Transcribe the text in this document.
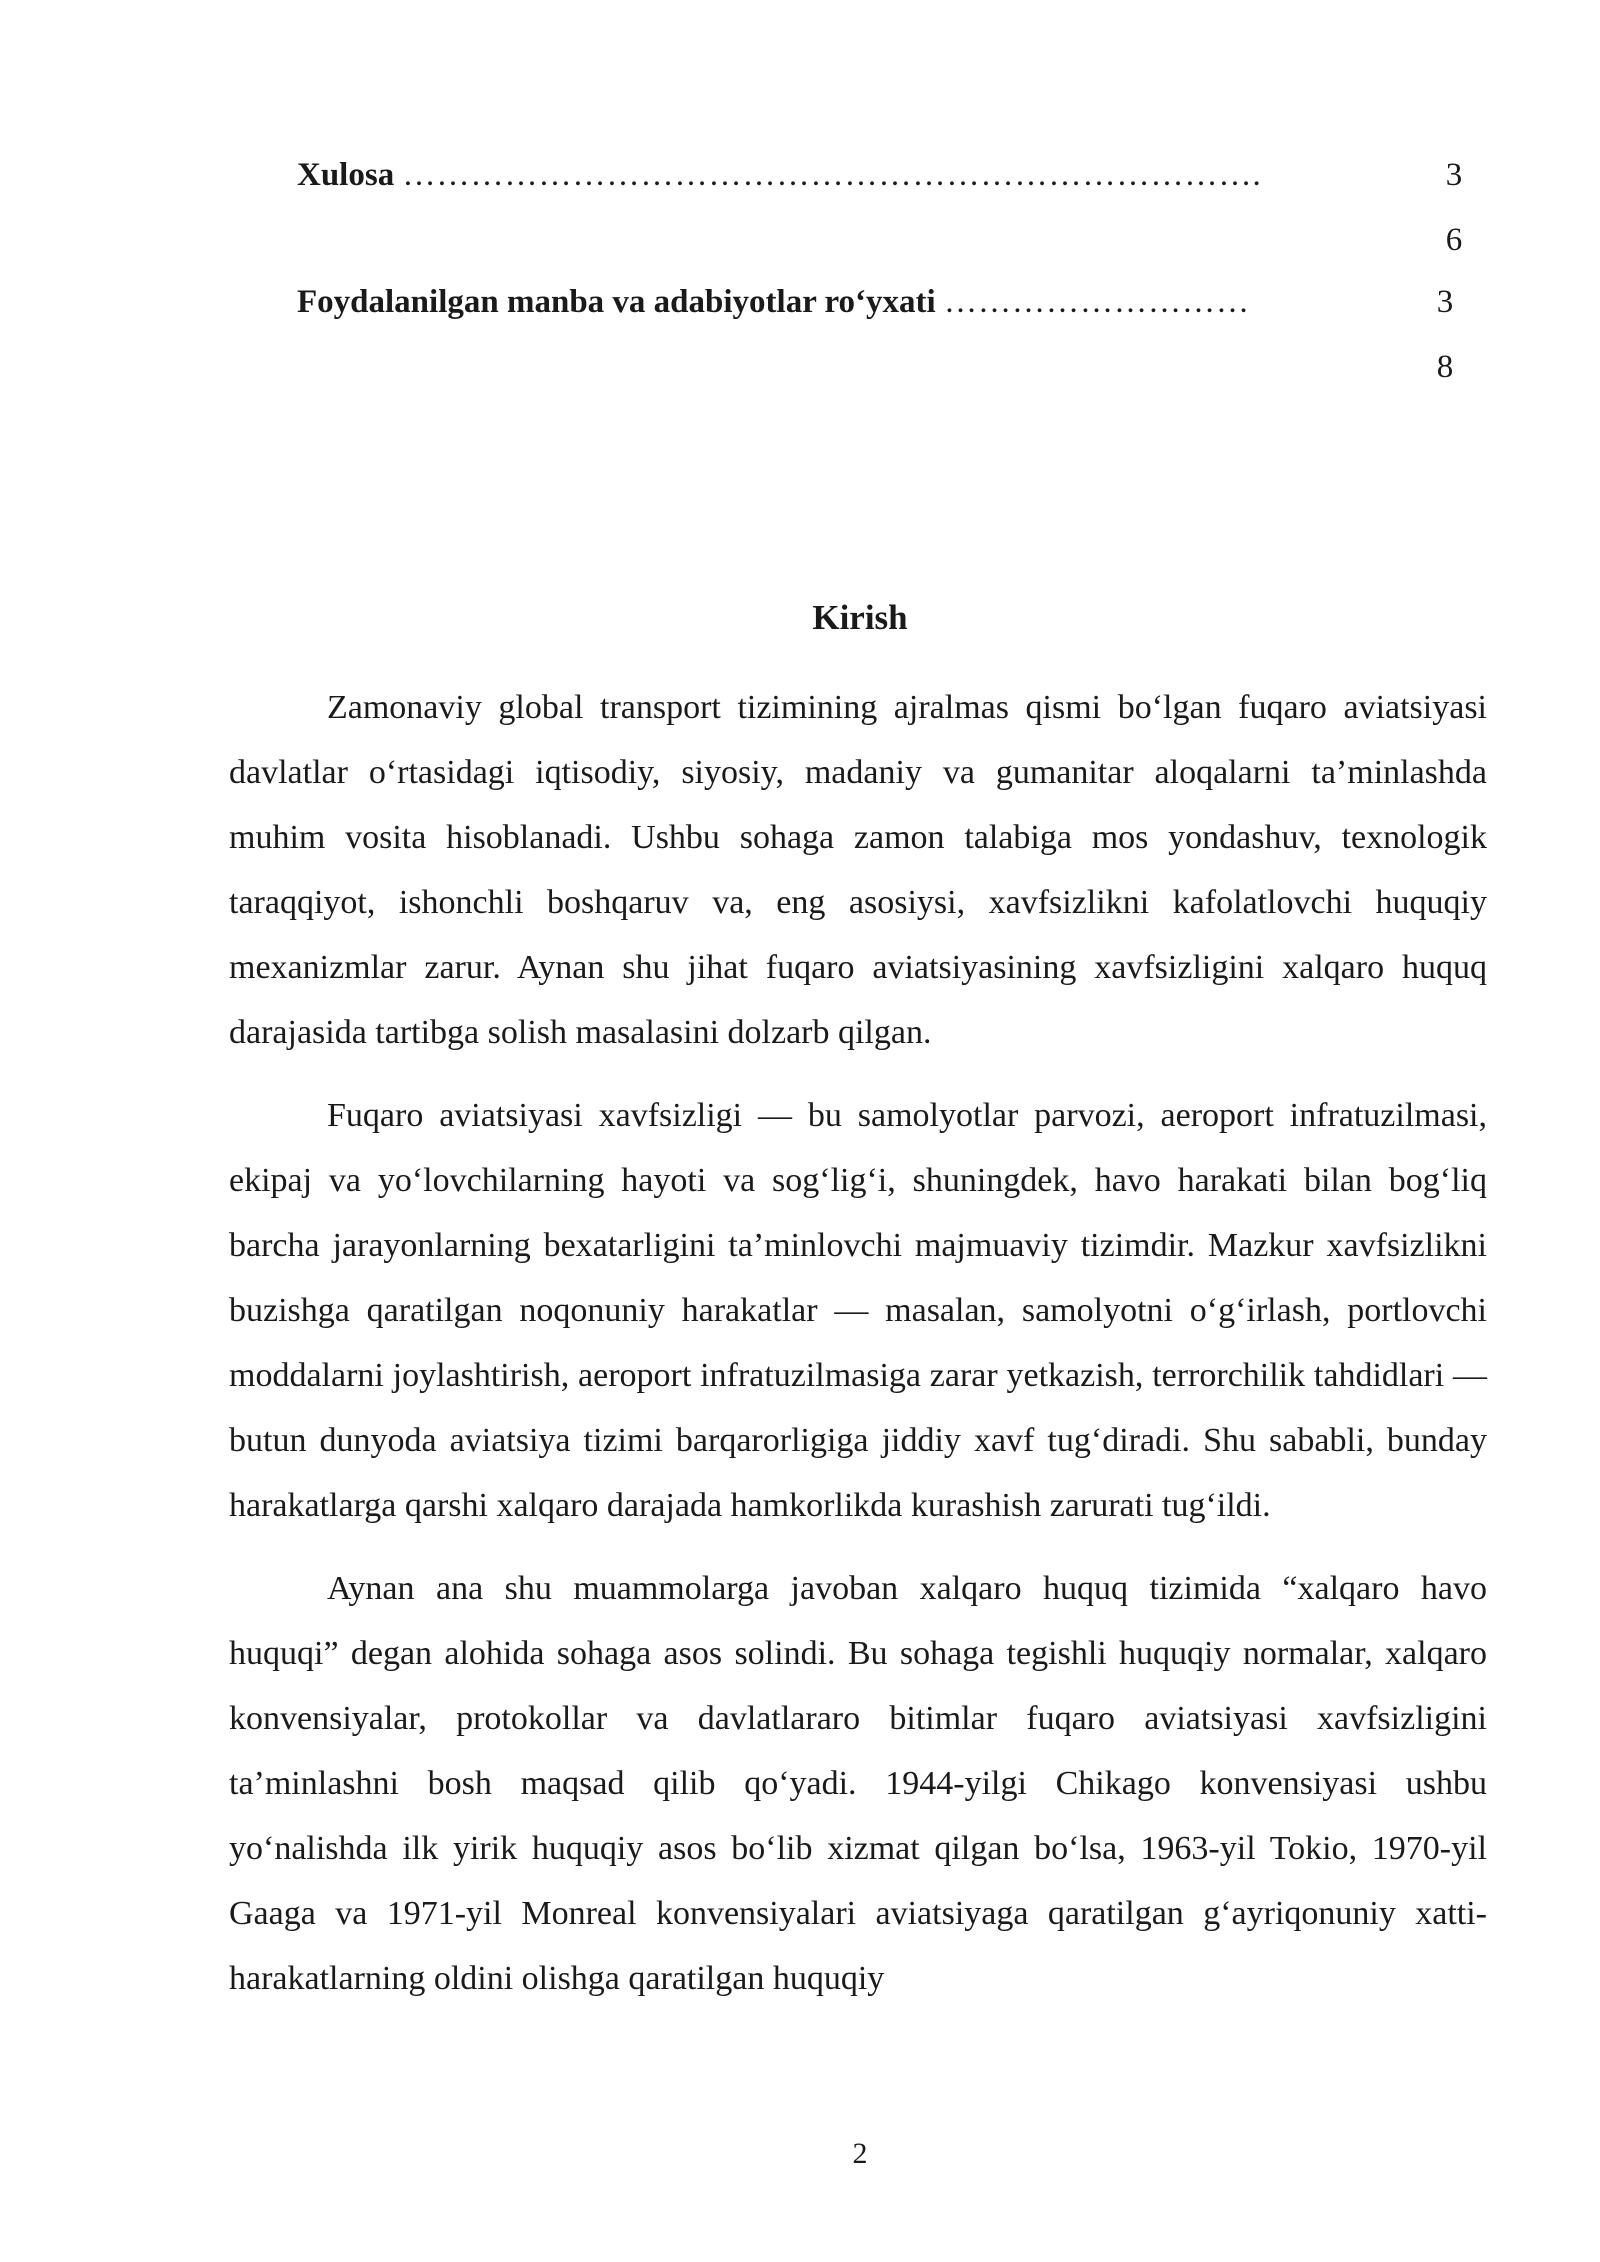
Xulosa ………………………………………………………………….	3
6
Foydalanilgan manba va adabiyotlar ro‘yxati ………………………	3
8
Kirish

Zamonaviy global transport tizimining ajralmas qismi bo‘lgan fuqaro aviatsiyasi davlatlar o‘rtasidagi iqtisodiy, siyosiy, madaniy va gumanitar aloqalarni ta’minlashda muhim vosita hisoblanadi. Ushbu sohaga zamon talabiga mos yondashuv, texnologik taraqqiyot, ishonchli boshqaruv va, eng asosiysi, xavfsizlikni kafolatlovchi huquqiy mexanizmlar zarur. Aynan shu jihat fuqaro aviatsiyasining xavfsizligini xalqaro huquq darajasida tartibga solish masalasini dolzarb qilgan.

Fuqaro aviatsiyasi xavfsizligi — bu samolyotlar parvozi, aeroport infratuzilmasi, ekipaj va yo‘lovchilarning hayoti va sog‘lig‘i, shuningdek, havo harakati bilan bog‘liq barcha jarayonlarning bexatarligini ta’minlovchi majmuaviy tizimdir. Mazkur xavfsizlikni buzishga qaratilgan noqonuniy harakatlar — masalan, samolyotni o‘g‘irlash, portlovchi moddalarni joylashtirish, aeroport infratuzilmasiga zarar yetkazish, terrorchilik tahdidlari — butun dunyoda aviatsiya tizimi barqarorligiga jiddiy xavf tug‘diradi. Shu sababli, bunday harakatlarga qarshi xalqaro darajada hamkorlikda kurashish zarurati tug‘ildi.

Aynan ana shu muammolarga javoban xalqaro huquq tizimida “xalqaro havo huquqi” degan alohida sohaga asos solindi. Bu sohaga tegishli huquqiy normalar, xalqaro konvensiyalar, protokollar va davlatlararo bitimlar fuqaro aviatsiyasi xavfsizligini ta’minlashni bosh maqsad qilib qo‘yadi. 1944-yilgi Chikago konvensiyasi ushbu yo‘nalishda ilk yirik huquqiy asos bo‘lib xizmat qilgan bo‘lsa, 1963-yil Tokio, 1970-yil Gaaga va 1971-yil Monreal konvensiyalari aviatsiyaga qaratilgan g‘ayriqonuniy xatti-harakatlarning oldini olishga qaratilgan huquqiy

2
